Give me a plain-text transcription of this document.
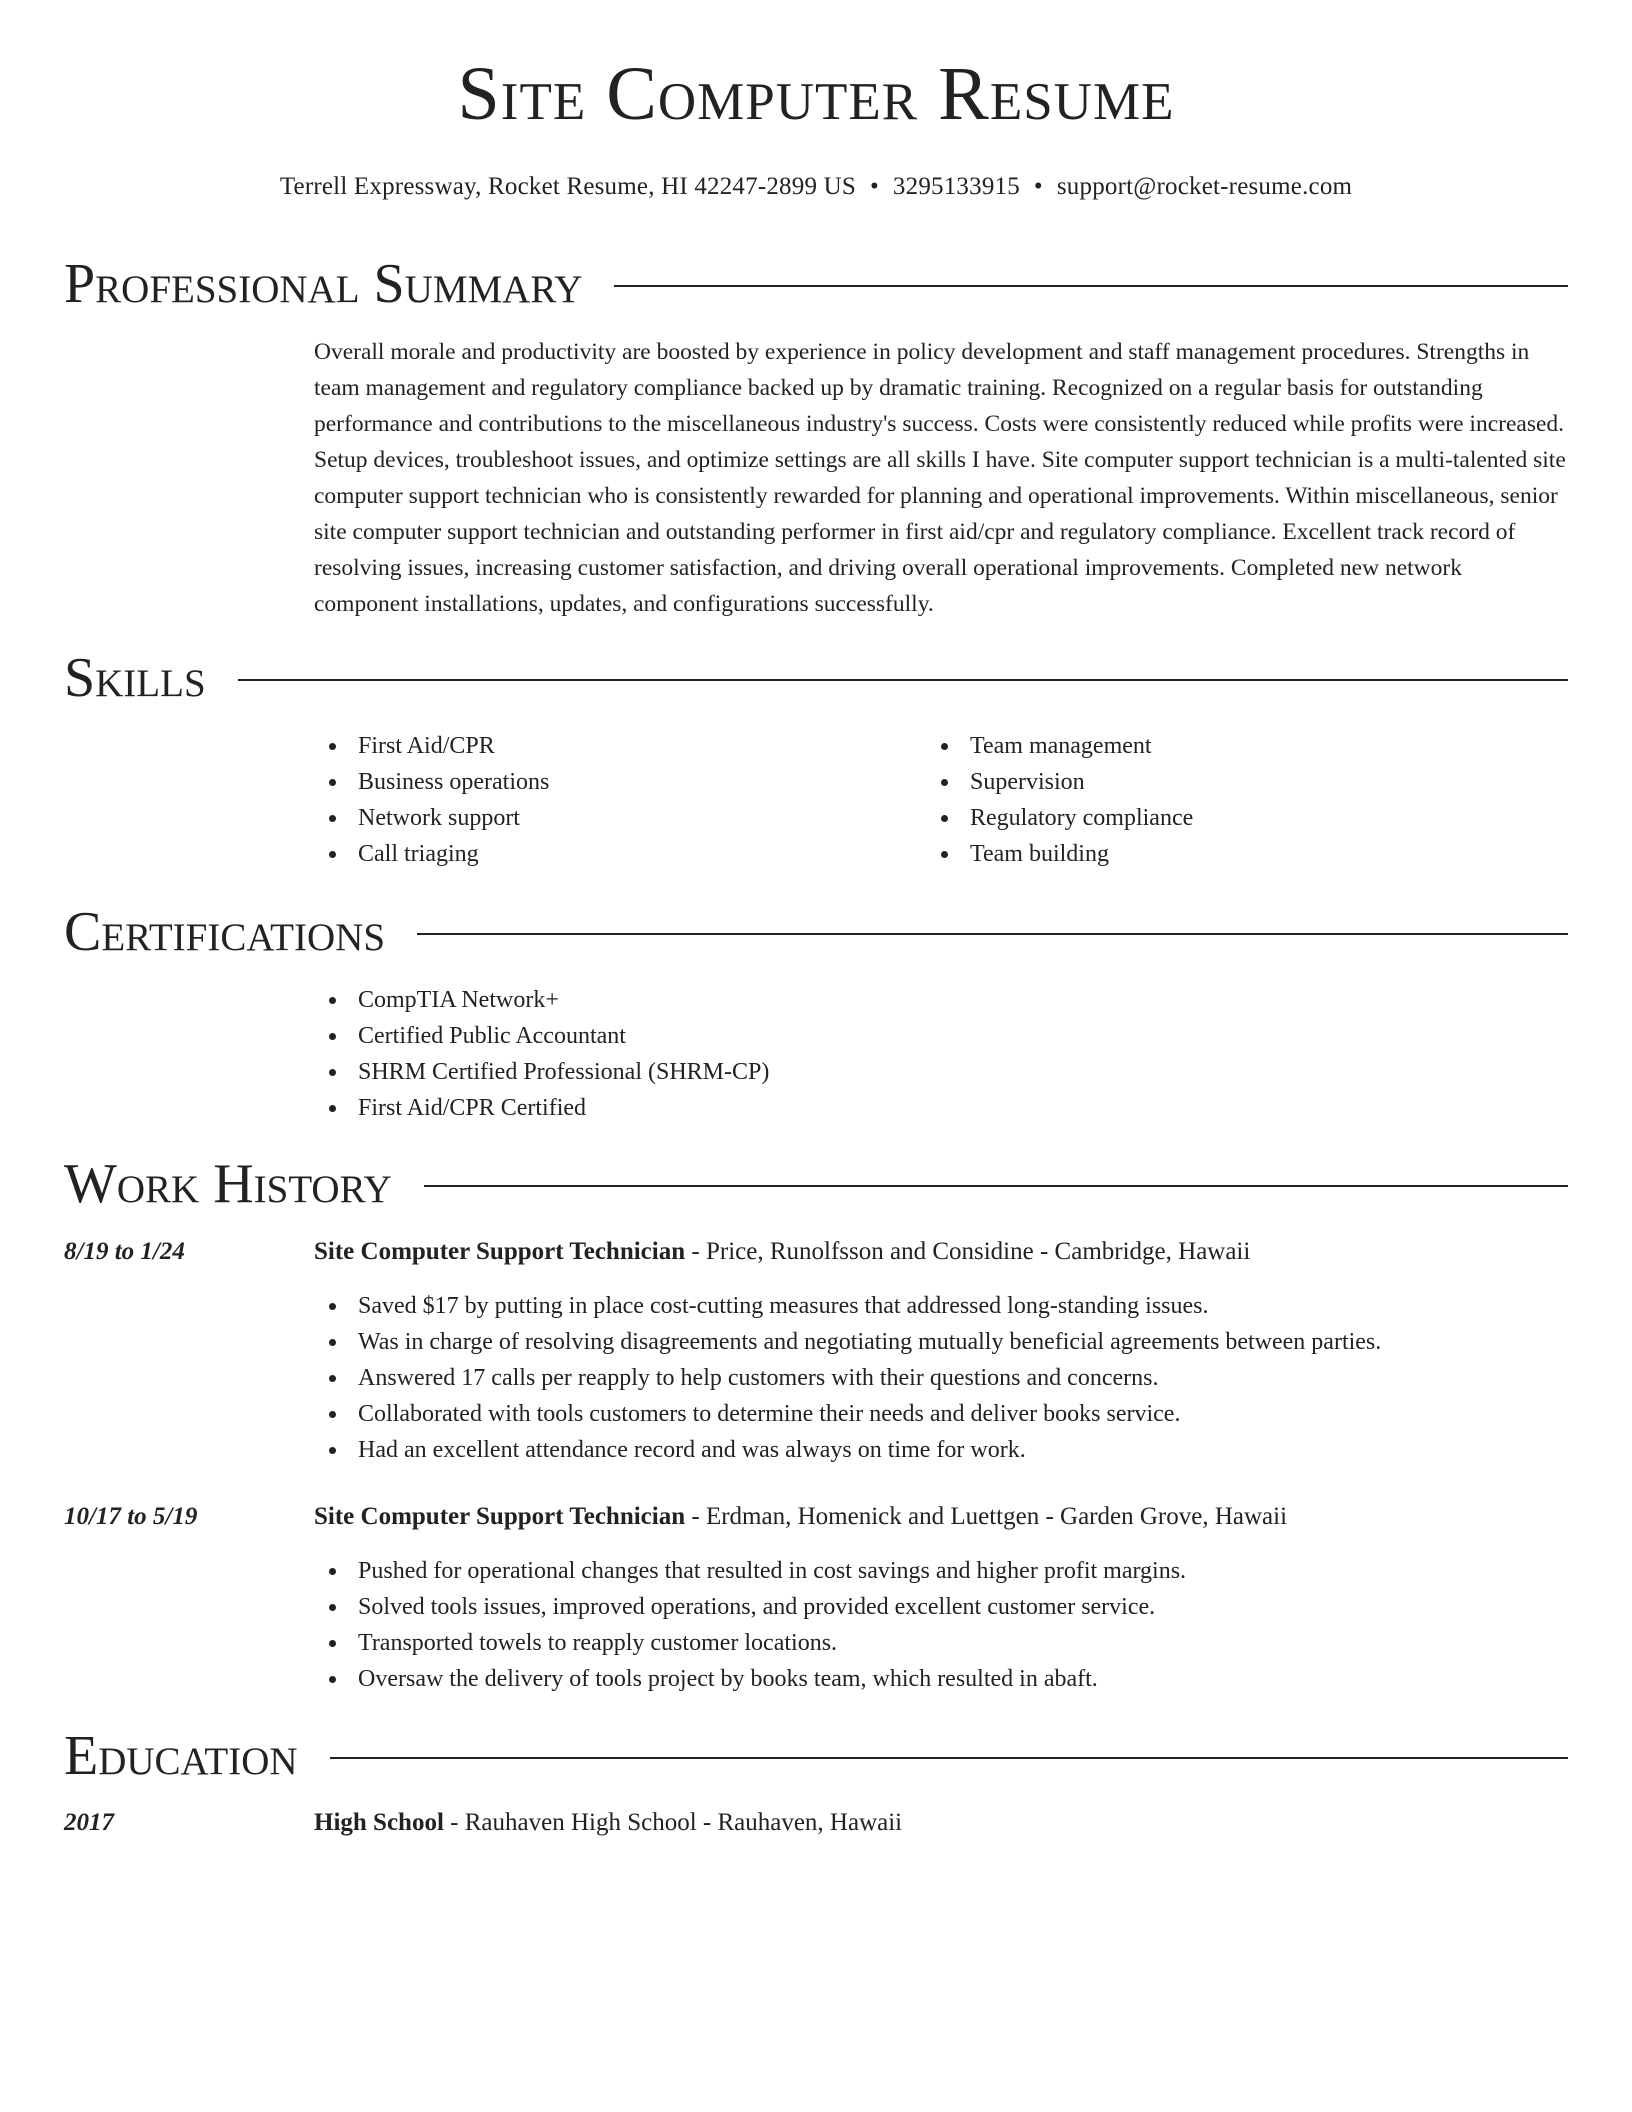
Site Computer Resume
Terrell Expressway, Rocket Resume, HI 42247-2899 US • 3295133915 • support@rocket-resume.com
Professional Summary

Overall morale and productivity are boosted by experience in policy development and staff management procedures. Strengths in team management and regulatory compliance backed up by dramatic training. Recognized on a regular basis for outstanding performance and contributions to the miscellaneous industry's success. Costs were consistently reduced while profits were increased. Setup devices, troubleshoot issues, and optimize settings are all skills I have. Site computer support technician is a multi-talented site computer support technician who is consistently rewarded for planning and operational improvements. Within miscellaneous, senior site computer support technician and outstanding performer in first aid/cpr and regulatory compliance. Excellent track record of resolving issues, increasing customer satisfaction, and driving overall operational improvements. Completed new network component installations, updates, and configurations successfully.

Skills
First Aid/CPR
Business operations
Network support
Call triaging
Team management
Supervision
Regulatory compliance
Team building
Certifications
CompTIA Network+
Certified Public Accountant
SHRM Certified Professional (SHRM-CP)
First Aid/CPR Certified
Work History
8/19 to 1/24	Site Computer Support Technician - Price, Runolfsson and Considine - Cambridge, Hawaii
Saved $17 by putting in place cost-cutting measures that addressed long-standing issues.
Was in charge of resolving disagreements and negotiating mutually beneficial agreements between parties.
Answered 17 calls per reapply to help customers with their questions and concerns.
Collaborated with tools customers to determine their needs and deliver books service.
Had an excellent attendance record and was always on time for work.
10/17 to 5/19	Site Computer Support Technician - Erdman, Homenick and Luettgen - Garden Grove, Hawaii
Pushed for operational changes that resulted in cost savings and higher profit margins.
Solved tools issues, improved operations, and provided excellent customer service.
Transported towels to reapply customer locations.
Oversaw the delivery of tools project by books team, which resulted in abaft.
Education
2017	High School - Rauhaven High School - Rauhaven, Hawaii
